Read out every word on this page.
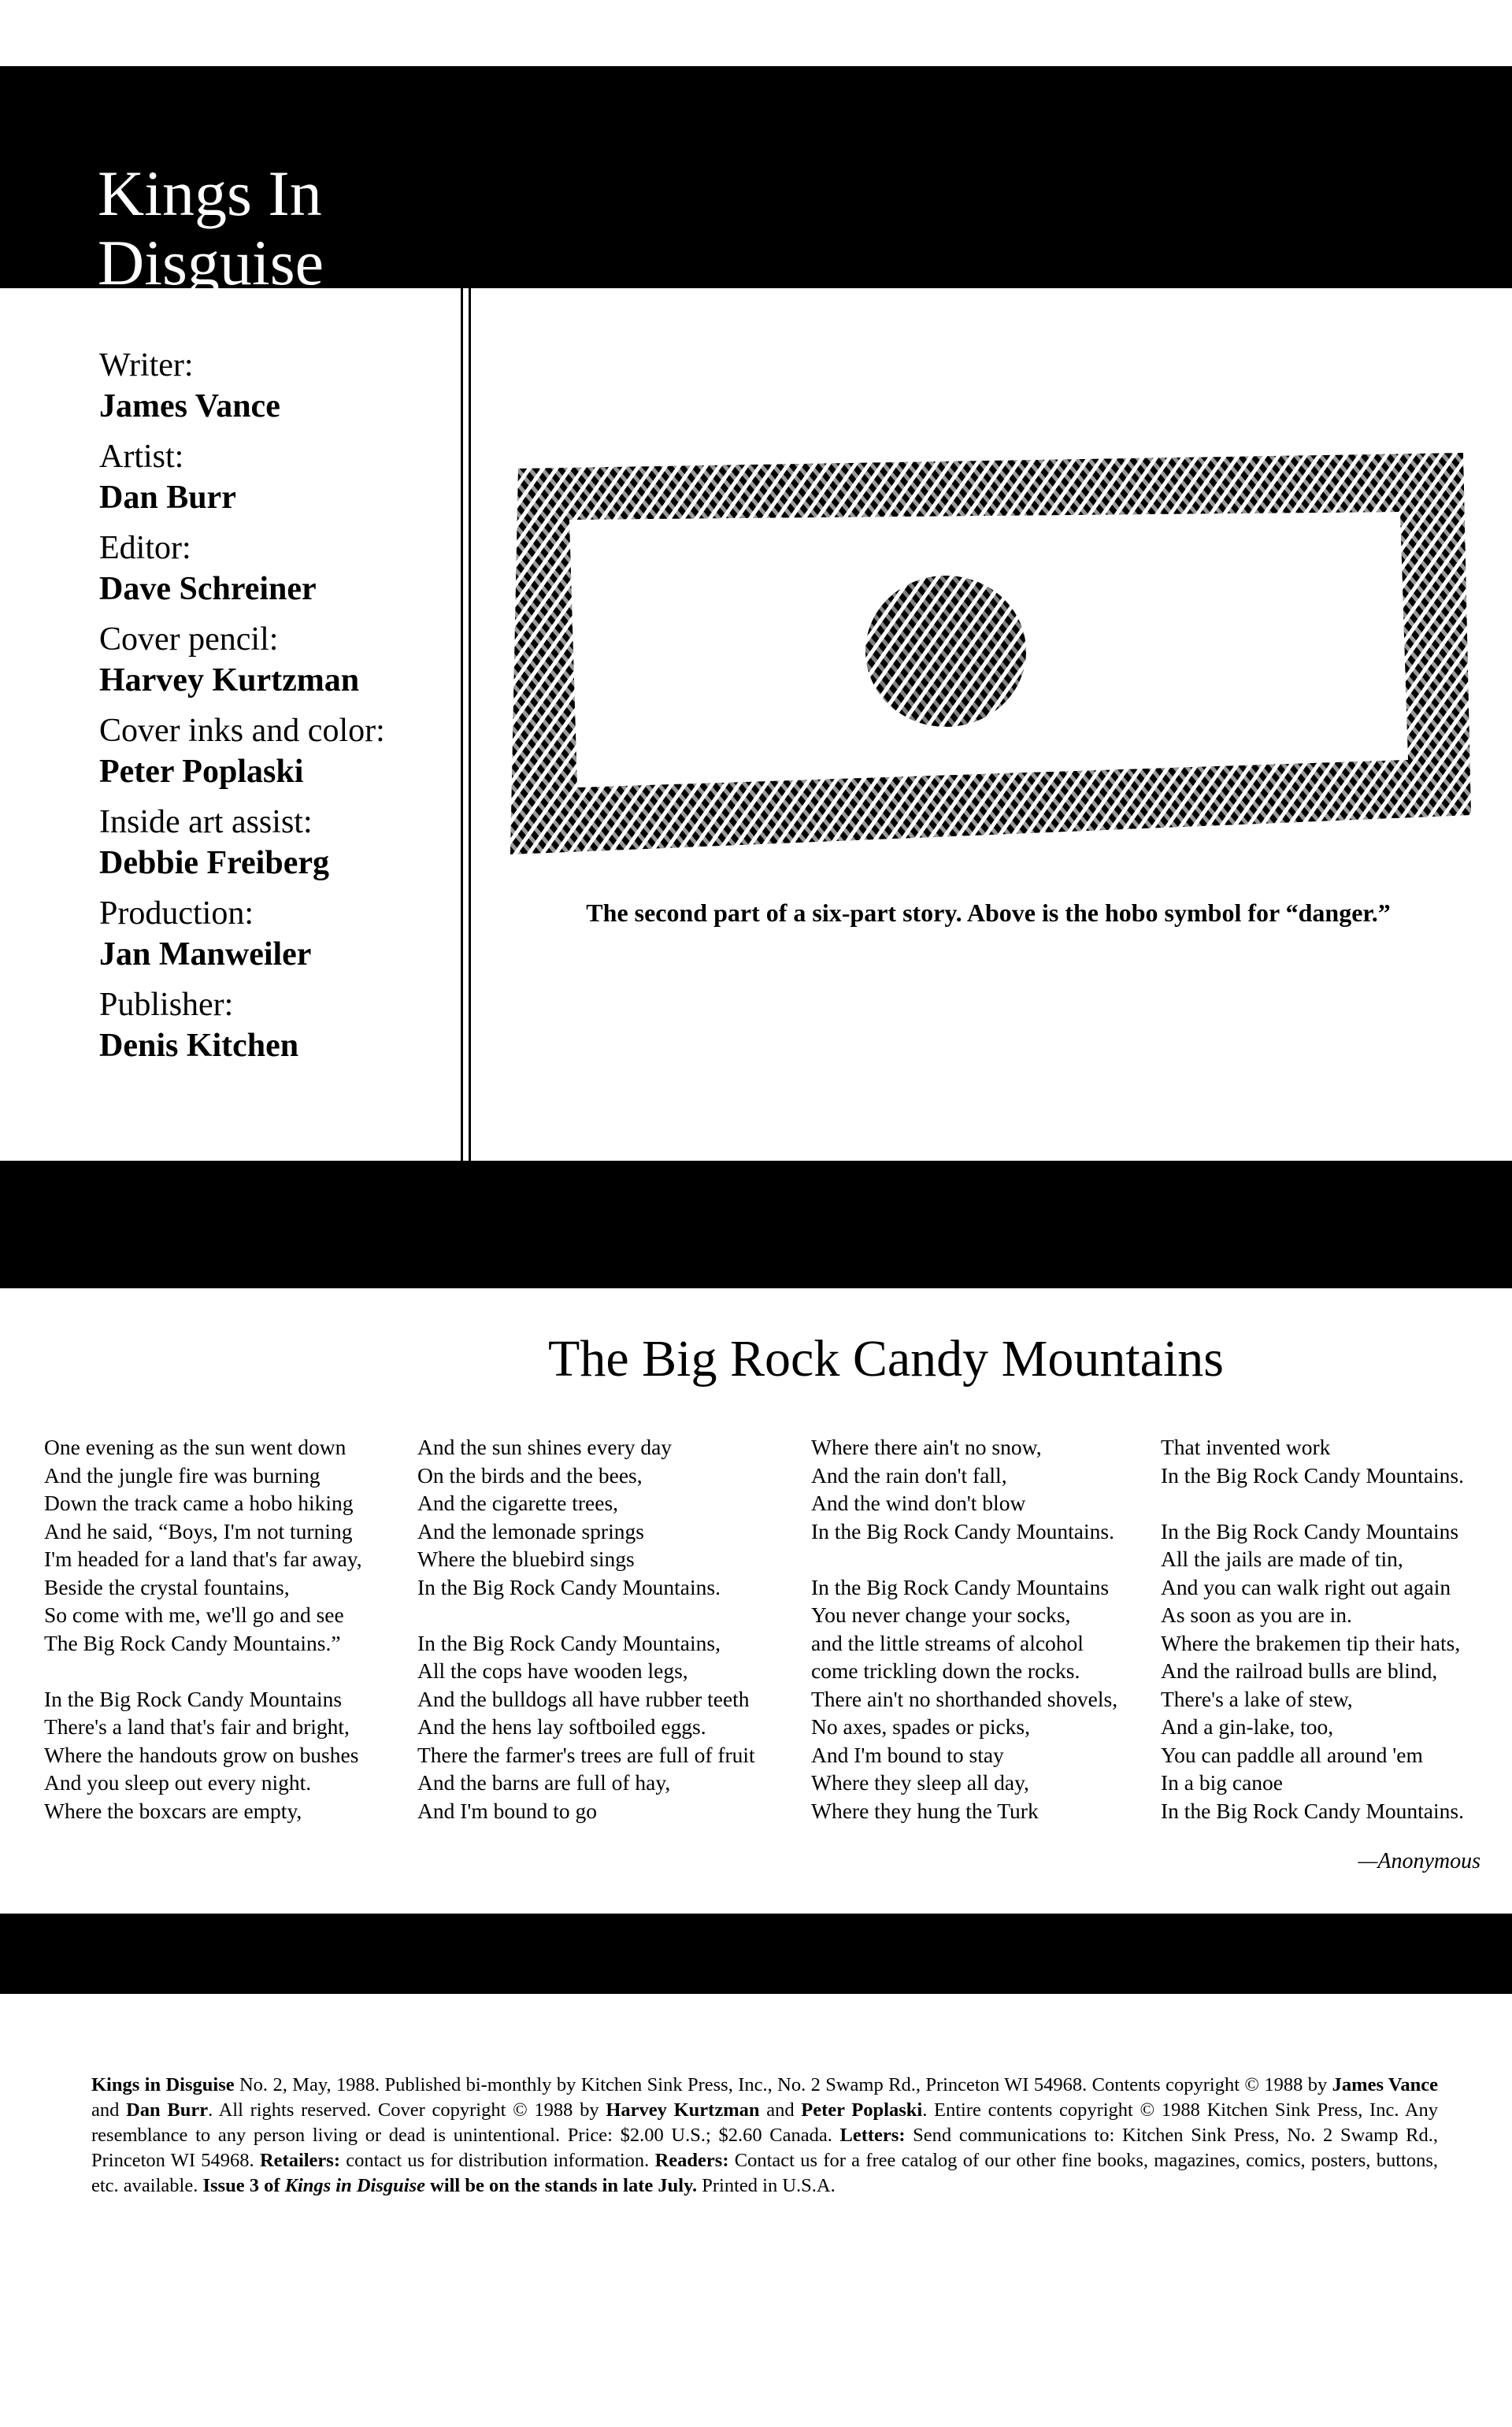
Kings In Disguise
Writer:
James Vance
Artist:
Dan Burr
Editor:
Dave Schreiner
Cover pencil:
Harvey Kurtzman
Cover inks and color:
Peter Poplaski
Inside art assist:
Debbie Freiberg
Production:
Jan Manweiler
Publisher:
Denis Kitchen
The second part of a six-part story. Above is the hobo symbol for “danger.”
Number 2
The Big Rock Candy Mountains
One evening as the sun went down
And the jungle fire was burning
Down the track came a hobo hiking
And he said, “Boys, I'm not turning
I'm headed for a land that's far away,
Beside the crystal fountains,
So come with me, we'll go and see
The Big Rock Candy Mountains.”
In the Big Rock Candy Mountains
There's a land that's fair and bright,
Where the handouts grow on bushes
And you sleep out every night.
Where the boxcars are empty,
And the sun shines every day
On the birds and the bees,
And the cigarette trees,
And the lemonade springs
Where the bluebird sings
In the Big Rock Candy Mountains.
In the Big Rock Candy Mountains,
All the cops have wooden legs,
And the bulldogs all have rubber teeth
And the hens lay softboiled eggs.
There the farmer's trees are full of fruit
And the barns are full of hay,
And I'm bound to go
Where there ain't no snow,
And the rain don't fall,
And the wind don't blow
In the Big Rock Candy Mountains.
In the Big Rock Candy Mountains
You never change your socks,
and the little streams of alcohol
come trickling down the rocks.
There ain't no shorthanded shovels,
No axes, spades or picks,
And I'm bound to stay
Where they sleep all day,
Where they hung the Turk
That invented work
In the Big Rock Candy Mountains.
In the Big Rock Candy Mountains
All the jails are made of tin,
And you can walk right out again
As soon as you are in.
Where the brakemen tip their hats,
And the railroad bulls are blind,
There's a lake of stew,
And a gin-lake, too,
You can paddle all around 'em
In a big canoe
In the Big Rock Candy Mountains.
—Anonymous
Kings in Disguise No. 2, May, 1988. Published bi-monthly by Kitchen Sink Press, Inc., No. 2 Swamp Rd., Princeton WI 54968. Contents copyright © 1988 by James Vance and Dan Burr. All rights reserved. Cover copyright © 1988 by Harvey Kurtzman and Peter Poplaski. Entire contents copyright © 1988 Kitchen Sink Press, Inc. Any resemblance to any person living or dead is unintentional. Price: $2.00 U.S.; $2.60 Canada. Letters: Send communications to: Kitchen Sink Press, No. 2 Swamp Rd., Princeton WI 54968. Retailers: contact us for distribution information. Readers: Contact us for a free catalog of our other fine books, magazines, comics, posters, buttons, etc. available. Issue 3 of Kings in Disguise will be on the stands in late July. Printed in U.S.A.
